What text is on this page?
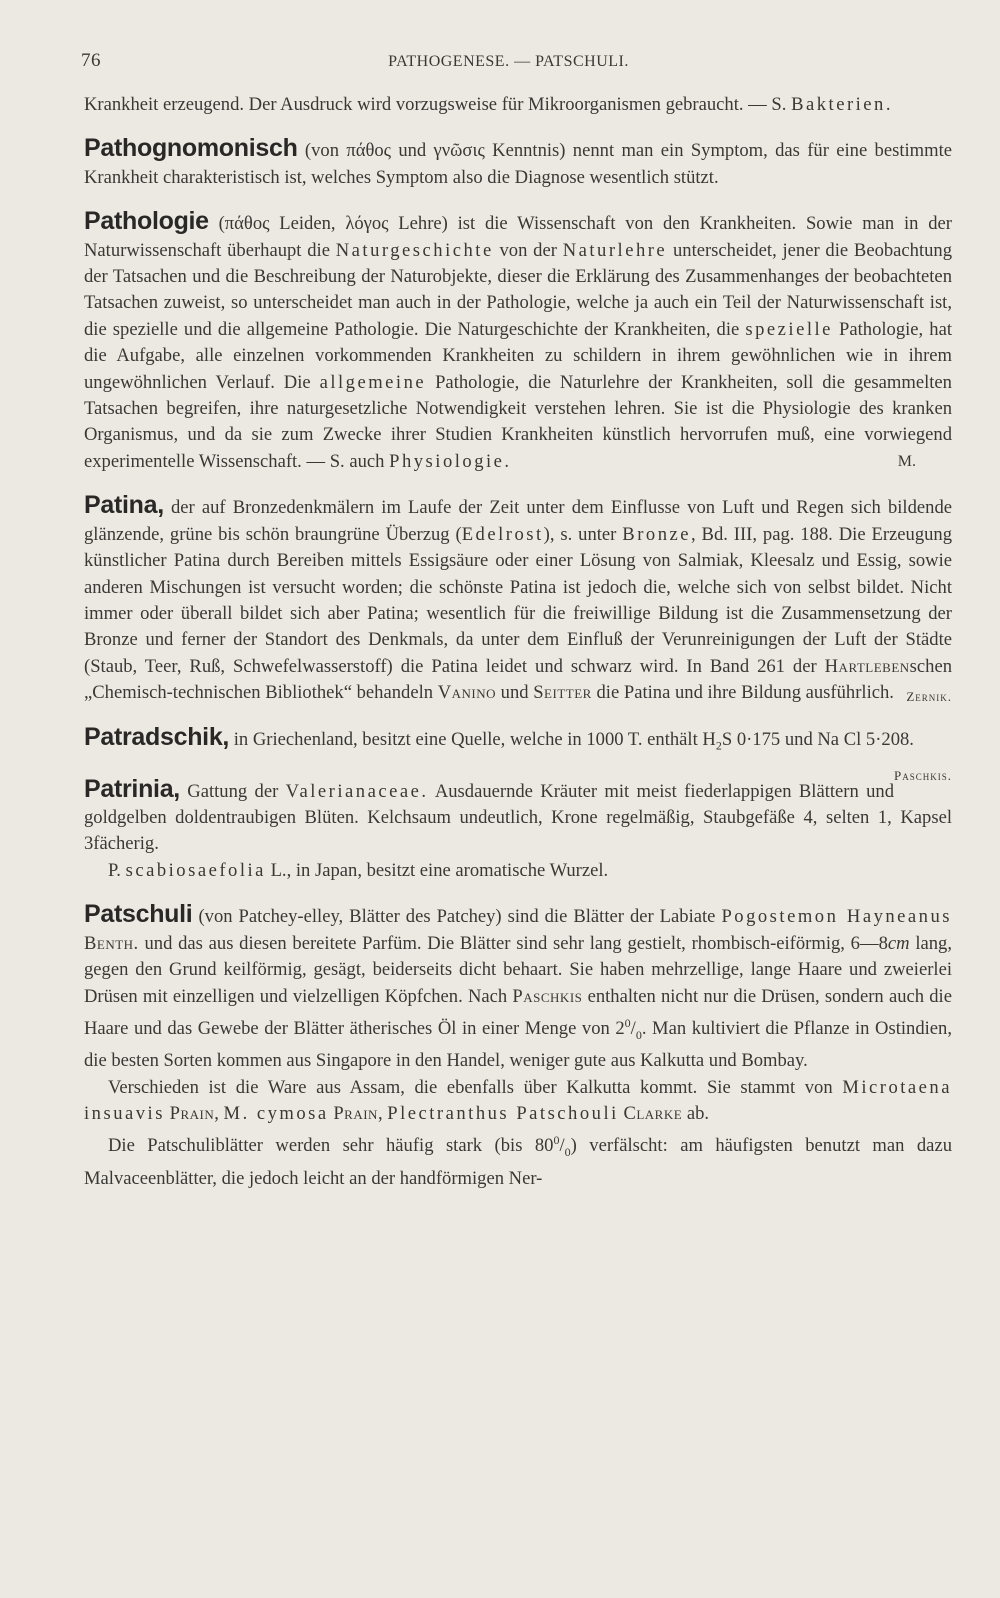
76	PATHOGENESE. — PATSCHULI.

Krankheit erzeugend. Der Ausdruck wird vorzugsweise für Mikroorganismen gebraucht. — S. Bakterien.

Pathognomonisch (von πάθος und γνῶσις Kenntnis) nennt man ein Symptom, das für eine bestimmte Krankheit charakteristisch ist, welches Symptom also die Diagnose wesentlich stützt.

Pathologie (πάθος Leiden, λόγος Lehre) ist die Wissenschaft von den Krankheiten. Sowie man in der Naturwissenschaft überhaupt die Naturgeschichte von der Naturlehre unterscheidet, jener die Beobachtung der Tatsachen und die Beschreibung der Naturobjekte, dieser die Erklärung des Zusammenhanges der beobachteten Tatsachen zuweist, so unterscheidet man auch in der Pathologie, welche ja auch ein Teil der Naturwissenschaft ist, die spezielle und die allgemeine Pathologie. Die Naturgeschichte der Krankheiten, die spezielle Pathologie, hat die Aufgabe, alle einzelnen vorkommenden Krankheiten zu schildern in ihrem gewöhnlichen wie in ihrem ungewöhnlichen Verlauf. Die allgemeine Pathologie, die Naturlehre der Krankheiten, soll die gesammelten Tatsachen begreifen, ihre naturgesetzliche Notwendigkeit verstehen lehren. Sie ist die Physiologie des kranken Organismus, und da sie zum Zwecke ihrer Studien Krankheiten künstlich hervorrufen muß, eine vorwiegend experimentelle Wissenschaft. — S. auch Physiologie.	M.

Patina, der auf Bronzedenkmälern im Laufe der Zeit unter dem Einflusse von Luft und Regen sich bildende glänzende, grüne bis schön braungrüne Überzug (Edelrost), s. unter Bronze, Bd. III, pag. 188. Die Erzeugung künstlicher Patina durch Bereiben mittels Essigsäure oder einer Lösung von Salmiak, Kleesalz und Essig, sowie anderen Mischungen ist versucht worden; die schönste Patina ist jedoch die, welche sich von selbst bildet. Nicht immer oder überall bildet sich aber Patina; wesentlich für die freiwillige Bildung ist die Zusammensetzung der Bronze und ferner der Standort des Denkmals, da unter dem Einfluß der Verunreinigungen der Luft der Städte (Staub, Teer, Ruß, Schwefelwasserstoff) die Patina leidet und schwarz wird. In Band 261 der Hartlebenschen „Chemisch-technischen Bibliothek“ behandeln Vanino und Seitter die Patina und ihre Bildung ausführlich. Zernik.

Patradschik, in Griechenland, besitzt eine Quelle, welche in 1000 T. enthält $H_2S$ 0·175 und Na Cl 5·208.
Paschkis.

Patrinia, Gattung der Valerianaceae. Ausdauernde Kräuter mit meist fiederlappigen Blättern und goldgelben doldentraubigen Blüten. Kelchsaum undeutlich, Krone regelmäßig, Staubgefäße 4, selten 1, Kapsel 3fächerig.

P. scabiosaefolia L., in Japan, besitzt eine aromatische Wurzel.

Patschuli (von Patchey-elley, Blätter des Patchey) sind die Blätter der Labiate Pogostemon Hayneanus Benth. und das aus diesen bereitete Parfüm. Die Blätter sind sehr lang gestielt, rhombisch-eiförmig, 6—8cm lang, gegen den Grund keilförmig, gesägt, beiderseits dicht behaart. Sie haben mehrzellige, lange Haare und zweierlei Drüsen mit einzelligen und vielzelligen Köpfchen. Nach Paschkis enthalten nicht nur die Drüsen, sondern auch die Haare und das Gewebe der Blätter ätherisches Öl in einer Menge von $2^0/_0$. Man kultiviert die Pflanze in Ostindien, die besten Sorten kommen aus Singapore in den Handel, weniger gute aus Kalkutta und Bombay.

Verschieden ist die Ware aus Assam, die ebenfalls über Kalkutta kommt. Sie stammt von Microtaena insuavis Prain, M. cymosa Prain, Plectranthus Patschouli Clarke ab.

Die Patschuliblätter werden sehr häufig stark (bis $80^0/_0$) verfälscht: am häufigsten benutzt man dazu Malvaceenblätter, die jedoch leicht an der handförmigen Ner-
